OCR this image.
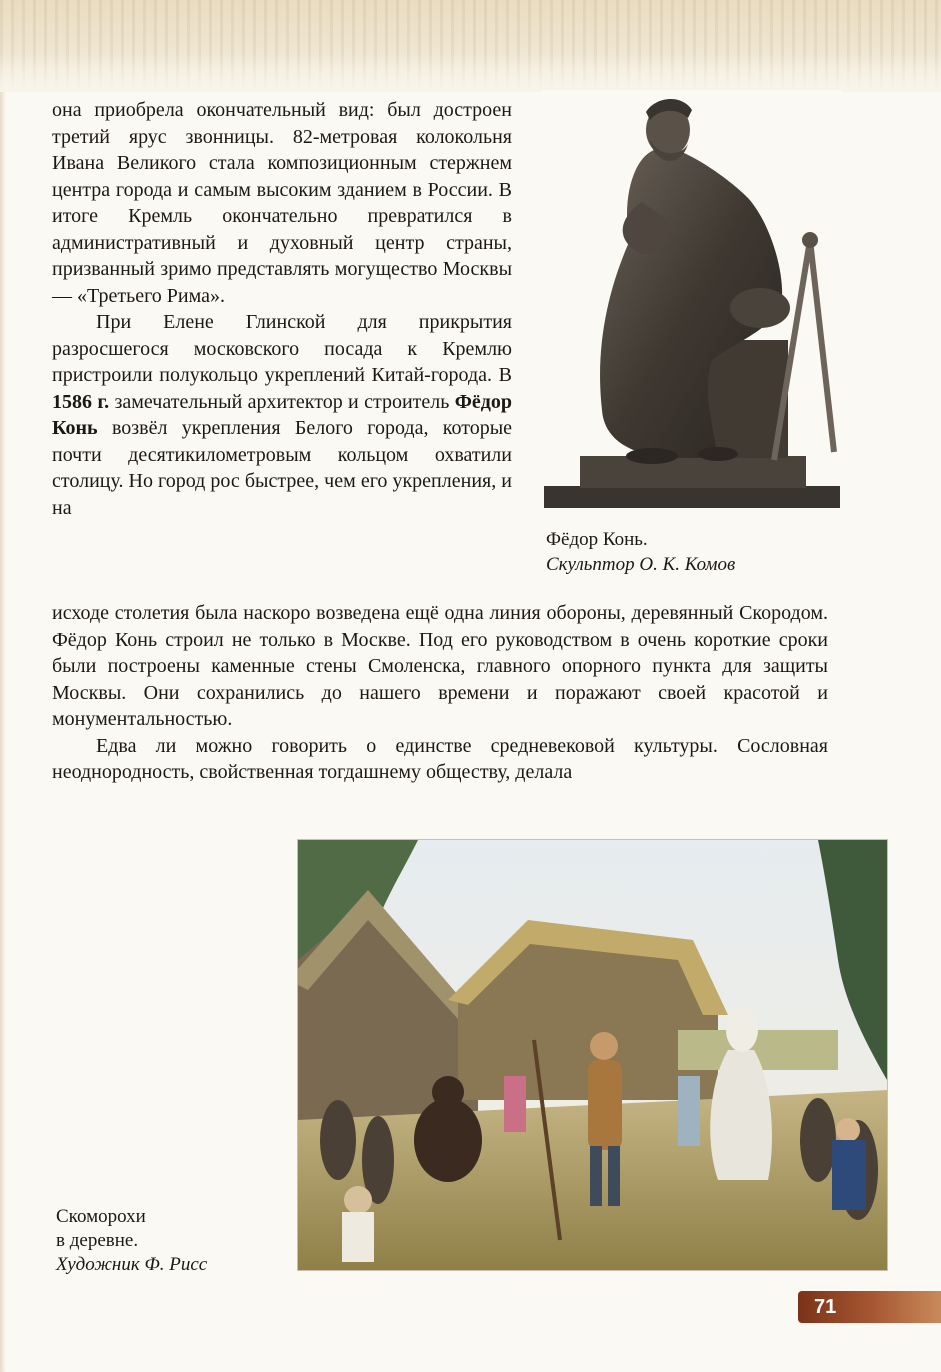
она приобрела окончательный вид: был достроен третий ярус звонницы. 82-метровая колокольня Ивана Великого стала композиционным стержнем центра города и самым высоким зданием в России. В итоге Кремль окончательно превратился в административный и духовный центр страны, призванный зримо представлять могущество Москвы — «Третьего Рима».

При Елене Глинской для прикрытия разросшегося московского посада к Кремлю пристроили полукольцо укреплений Китай-города. В 1586 г. замечательный архитектор и строитель Фёдор Конь возвёл укрепления Белого города, которые почти десятикилометровым кольцом охватили столицу. Но город рос быстрее, чем его укрепления, и на

Фёдор Конь.
Скульптор О. К. Комов

исходе столетия была наскоро возведена ещё одна линия обороны, деревянный Скородом. Фёдор Конь строил не только в Москве. Под его руководством в очень короткие сроки были построены каменные стены Смоленска, главного опорного пункта для защиты Москвы. Они сохранились до нашего времени и поражают своей красотой и монументальностью.

Едва ли можно говорить о единстве средневековой культуры. Сословная неоднородность, свойственная тогдашнему обществу, делала

Скоморохи
в деревне.
Художник Ф. Рисс
71
